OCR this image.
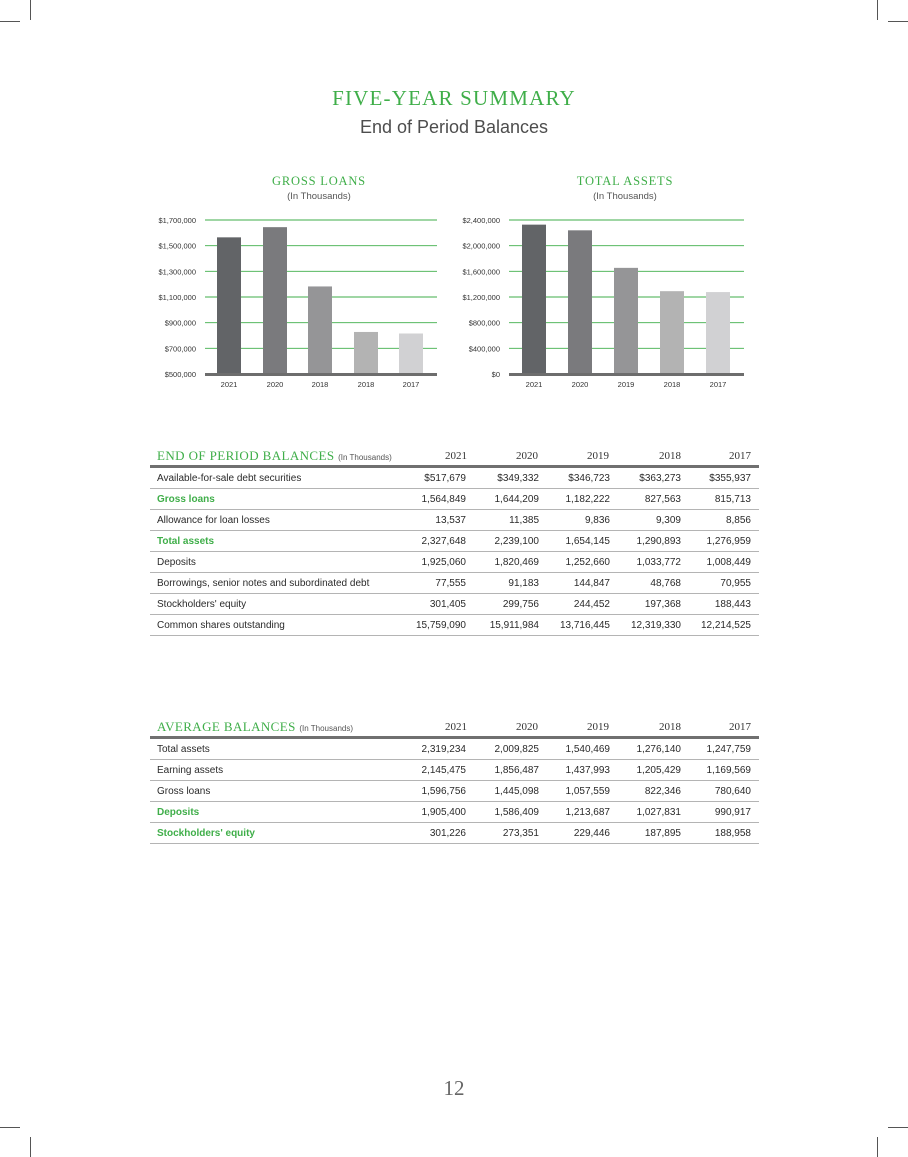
FIVE-YEAR SUMMARY
End of Period Balances
GROSS LOANS
(In Thousands)
$500,000
$700,000
$900,000
$1,100,000
$1,300,000
$1,500,000
$1,700,000
2021	2020	2018	2018	2017
TOTAL ASSETS
(In Thousands)
$0
$400,000
$800,000
$1,200,000
$1,600,000
$2,000,000
$2,400,000
2021	2020	2019	2018	2017
END OF PERIOD BALANCES (In Thousands)	2021	2020	2019	2018	2017
Available-for-sale debt securities	$517,679	$349,332	$346,723	$363,273	$355,937
Gross loans	1,564,849	1,644,209	1,182,222	827,563	815,713
Allowance for loan losses	13,537	11,385	9,836	9,309	8,856
Total assets	2,327,648	2,239,100	1,654,145	1,290,893	1,276,959
Deposits	1,925,060	1,820,469	1,252,660	1,033,772	1,008,449
Borrowings, senior notes and subordinated debt	77,555	91,183	144,847	48,768	70,955
Stockholders' equity	301,405	299,756	244,452	197,368	188,443
Common shares outstanding	15,759,090	15,911,984	13,716,445	12,319,330	12,214,525
AVERAGE BALANCES (In Thousands)	2021	2020	2019	2018	2017
Total assets	2,319,234	2,009,825	1,540,469	1,276,140	1,247,759
Earning assets	2,145,475	1,856,487	1,437,993	1,205,429	1,169,569
Gross loans	1,596,756	1,445,098	1,057,559	822,346	780,640
Deposits	1,905,400	1,586,409	1,213,687	1,027,831	990,917
Stockholders' equity	301,226	273,351	229,446	187,895	188,958
12
